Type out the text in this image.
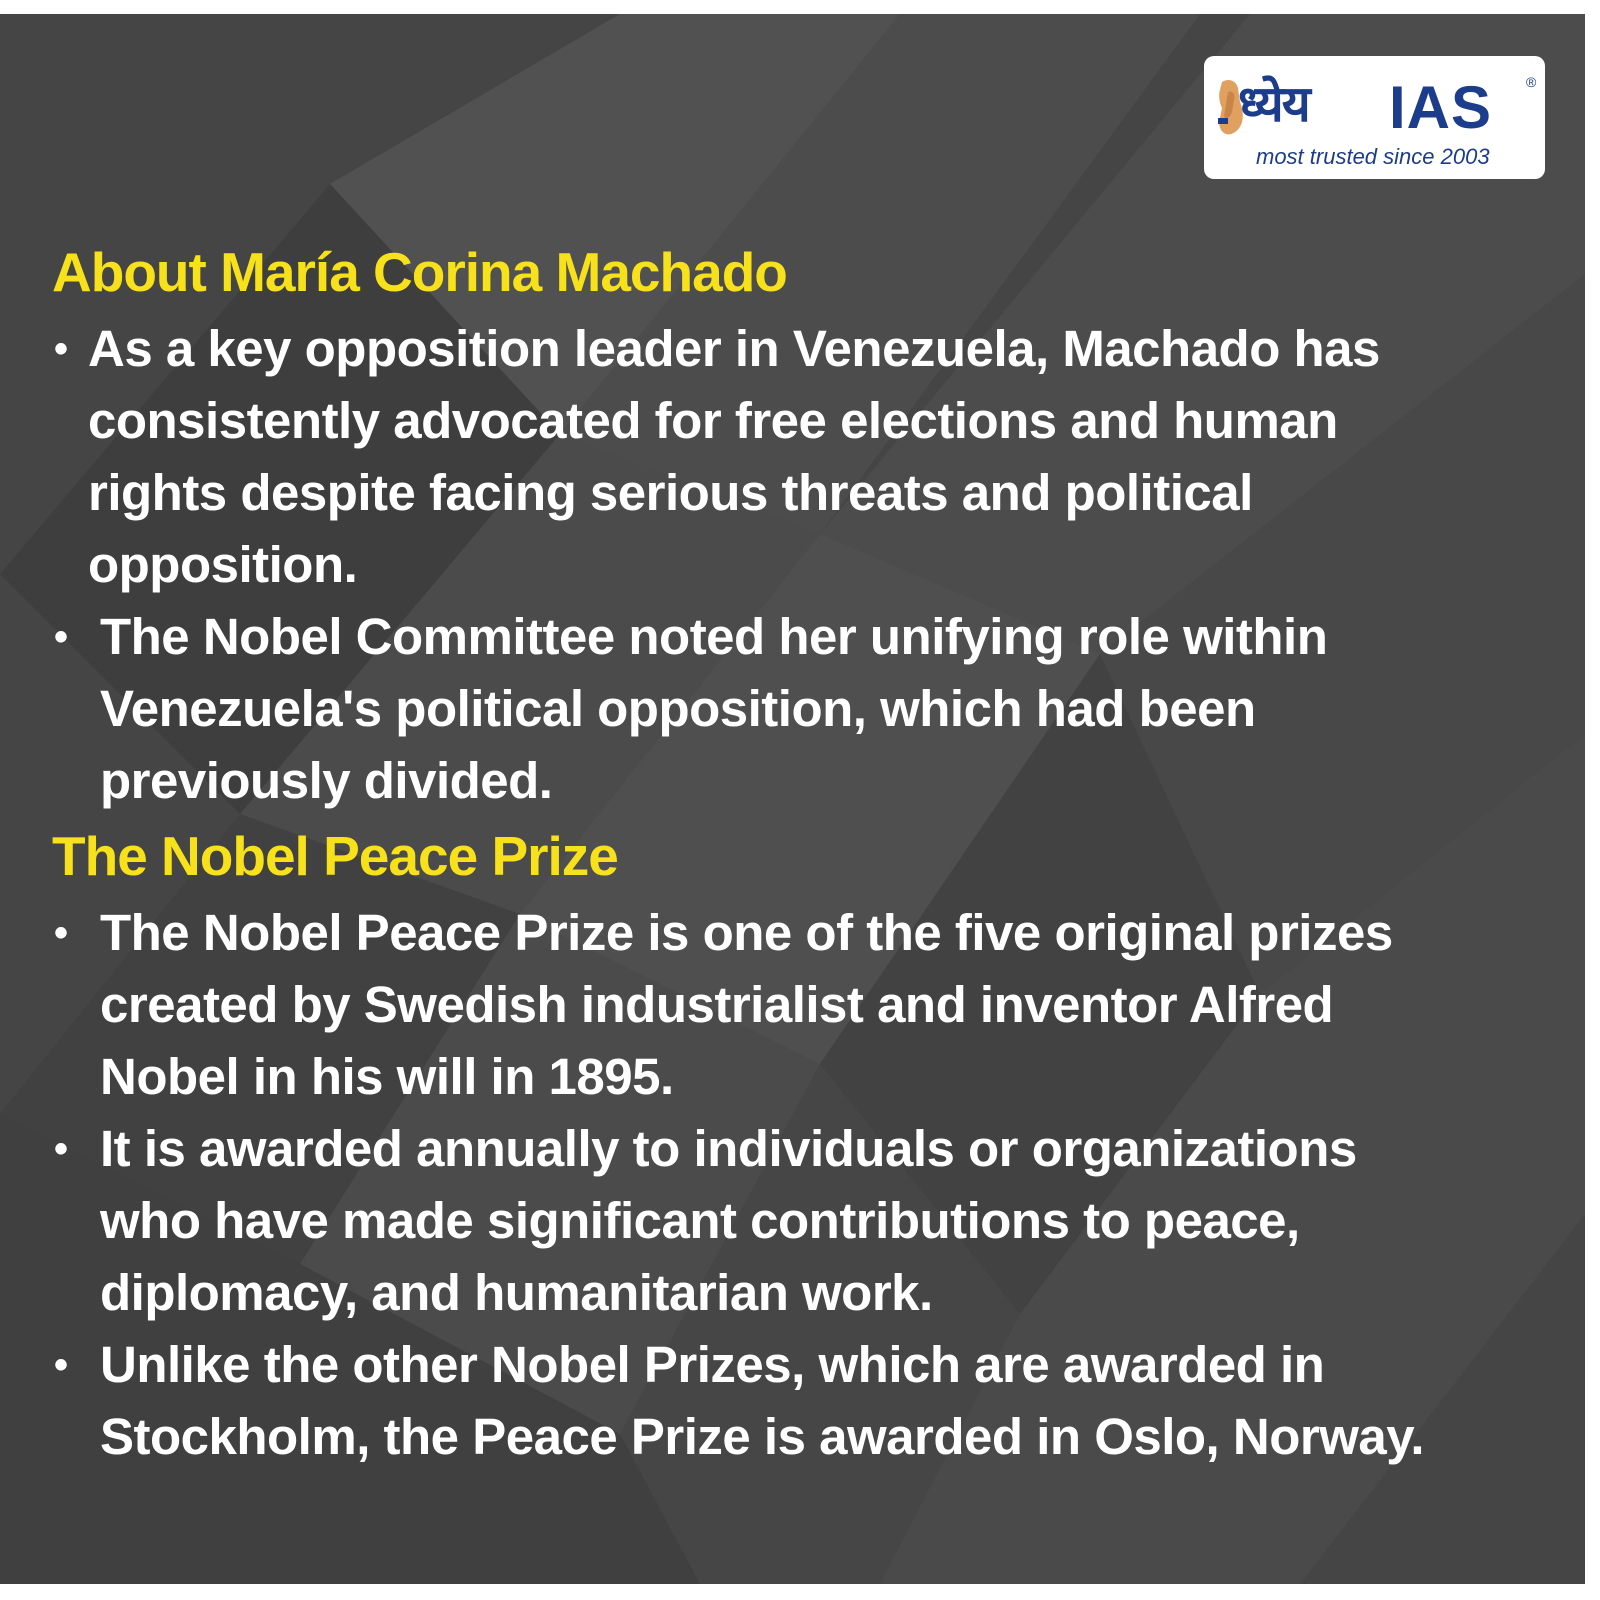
ध्येय IAS ®
most trusted since 2003
About María Corina Machado
• As a key opposition leader in Venezuela, Machado has
consistently advocated for free elections and human
rights despite facing serious threats and political
opposition.
• The Nobel Committee noted her unifying role within
Venezuela's political opposition, which had been
previously divided.
The Nobel Peace Prize
• The Nobel Peace Prize is one of the five original prizes
created by Swedish industrialist and inventor Alfred
Nobel in his will in 1895.
• It is awarded annually to individuals or organizations
who have made significant contributions to peace,
diplomacy, and humanitarian work.
• Unlike the other Nobel Prizes, which are awarded in
Stockholm, the Peace Prize is awarded in Oslo, Norway.
